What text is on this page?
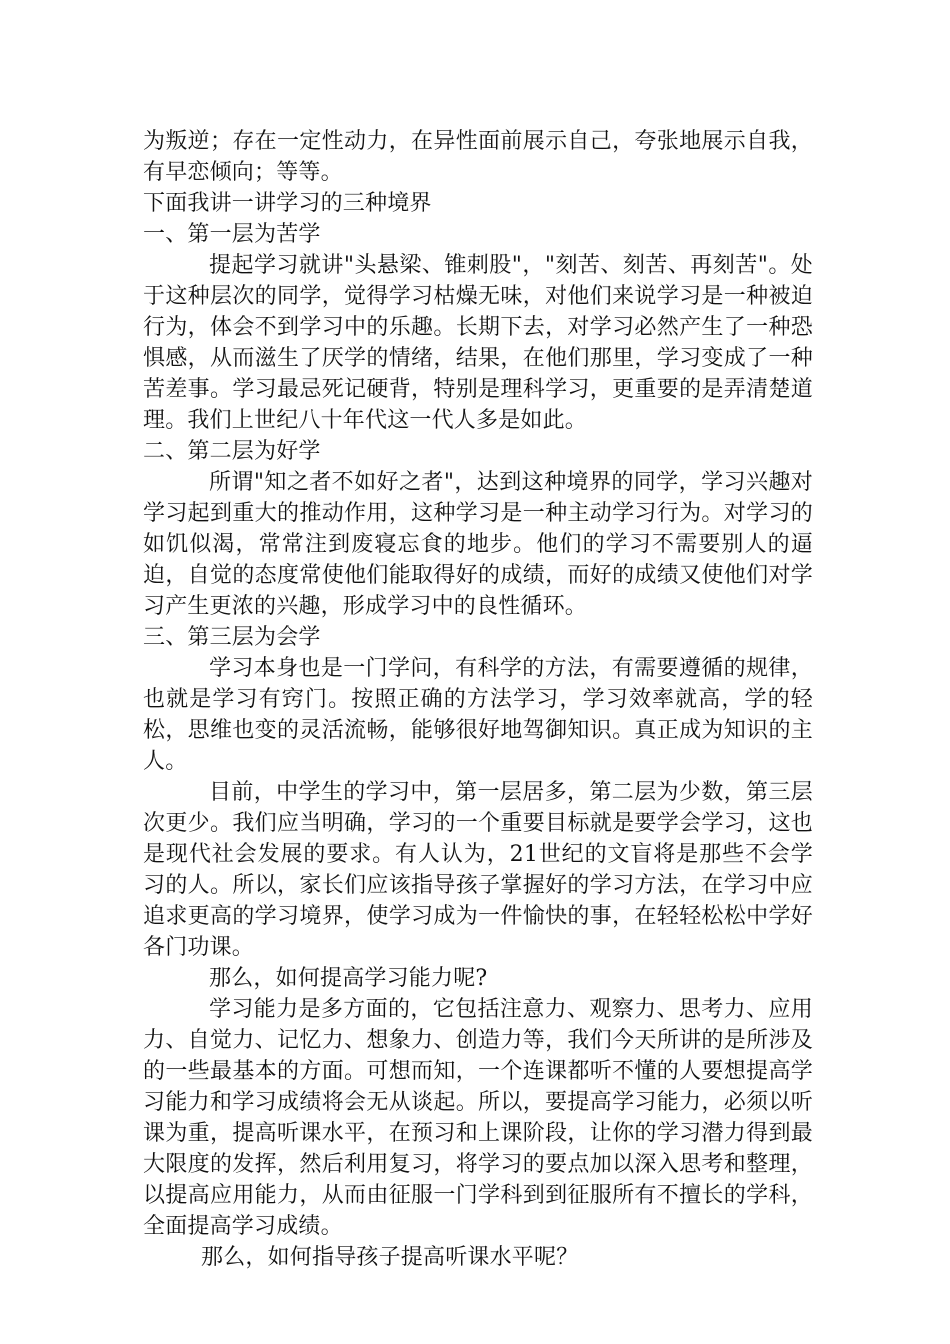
为叛逆；存在一定性动力，在异性面前展示自己，夸张地展示自我，有早恋倾向；等等。

下面我讲一讲学习的三种境界

一、第一层为苦学

提起学习就讲"头悬梁、锥刺股"，"刻苦、刻苦、再刻苦"。处于这种层次的同学，觉得学习枯燥无味，对他们来说学习是一种被迫行为，体会不到学习中的乐趣。长期下去，对学习必然产生了一种恐惧感，从而滋生了厌学的情绪，结果，在他们那里，学习变成了一种苦差事。学习最忌死记硬背，特别是理科学习，更重要的是弄清楚道理。我们上世纪八十年代这一代人多是如此。

二、第二层为好学

所谓"知之者不如好之者"，达到这种境界的同学，学习兴趣对学习起到重大的推动作用，这种学习是一种主动学习行为。对学习的如饥似渴，常常注到废寝忘食的地步。他们的学习不需要别人的逼迫，自觉的态度常使他们能取得好的成绩，而好的成绩又使他们对学习产生更浓的兴趣，形成学习中的良性循环。

三、第三层为会学

学习本身也是一门学问，有科学的方法，有需要遵循的规律，也就是学习有窍门。按照正确的方法学习，学习效率就高，学的轻松，思维也变的灵活流畅，能够很好地驾御知识。真正成为知识的主人。

目前，中学生的学习中，第一层居多，第二层为少数，第三层次更少。我们应当明确，学习的一个重要目标就是要学会学习，这也是现代社会发展的要求。有人认为，21世纪的文盲将是那些不会学习的人。所以，家长们应该指导孩子掌握好的学习方法，在学习中应追求更高的学习境界，使学习成为一件愉快的事，在轻轻松松中学好各门功课。

那么，如何提高学习能力呢?

学习能力是多方面的，它包括注意力、观察力、思考力、应用力、自觉力、记忆力、想象力、创造力等，我们今天所讲的是所涉及的一些最基本的方面。可想而知，一个连课都听不懂的人要想提高学习能力和学习成绩将会无从谈起。所以，要提高学习能力，必须以听课为重，提高听课水平，在预习和上课阶段，让你的学习潜力得到最大限度的发挥，然后利用复习，将学习的要点加以深入思考和整理，以提高应用能力，从而由征服一门学科到到征服所有不擅长的学科，全面提高学习成绩。

那么，如何指导孩子提高听课水平呢？
